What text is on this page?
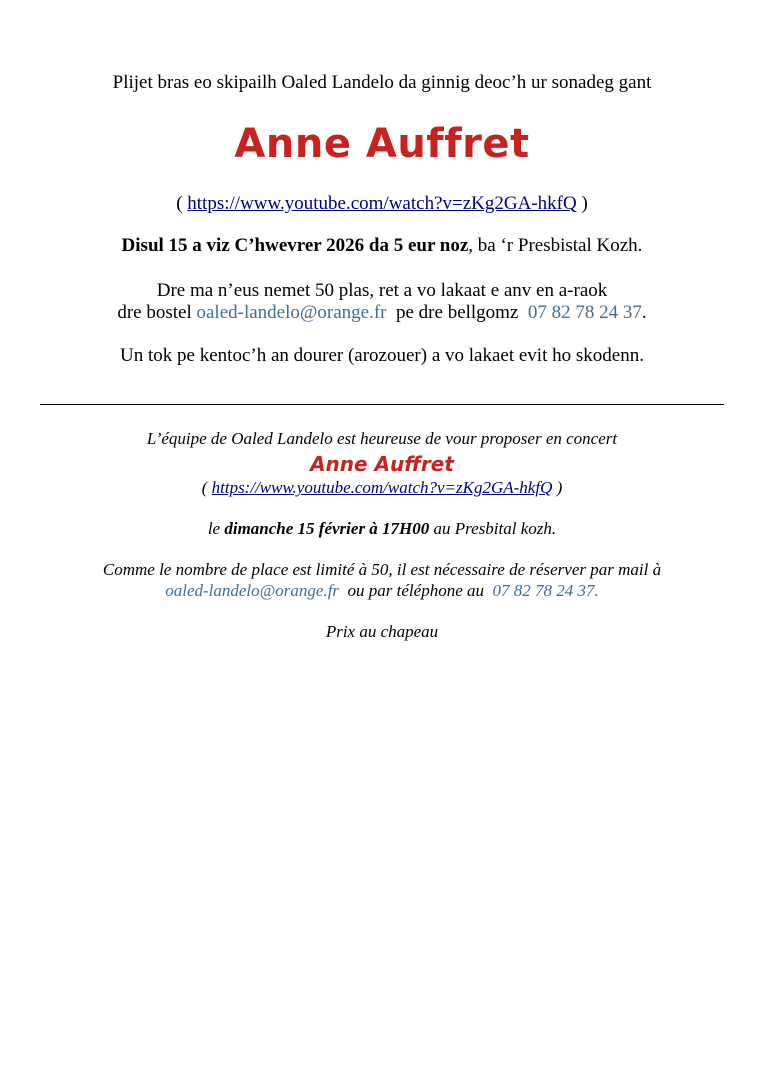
Plijet bras eo skipailh Oaled Landelo da ginnig deoc’h ur sonadeg gant
Anne Auffret
( https://www.youtube.com/watch?v=zKg2GA-hkfQ )
Disul 15 a viz C’hwevrer 2026 da 5 eur noz, ba ‘r Presbistal Kozh.
Dre ma n’eus nemet 50 plas, ret a vo lakaat e anv en a-raok
dre bostel oaled-landelo@orange.fr  pe dre bellgomz  07 82 78 24 37.
Un tok pe kentoc’h an dourer (arozouer) a vo lakaet evit ho skodenn.
L’équipe de Oaled Landelo est heureuse de vour proposer en concert
Anne Auffret
( https://www.youtube.com/watch?v=zKg2GA-hkfQ )
le dimanche 15 février à 17H00 au Presbital kozh.
Comme le nombre de place est limité à 50, il est nécessaire de réserver par mail à
oaled-landelo@orange.fr  ou par téléphone au  07 82 78 24 37.
Prix au chapeau
